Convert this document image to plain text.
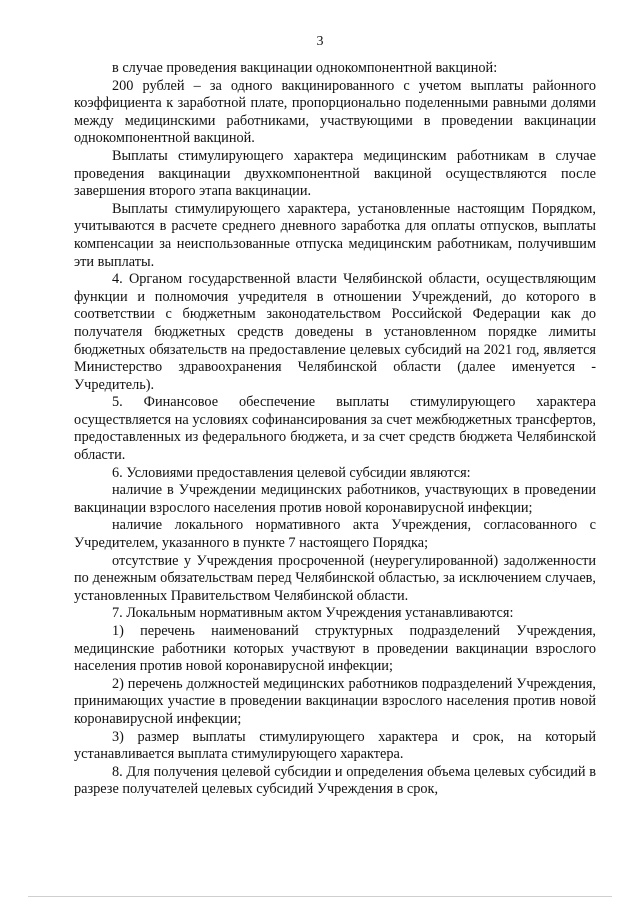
3

в случае проведения вакцинации однокомпонентной вакциной:

200 рублей – за одного вакцинированного с учетом выплаты районного коэффициента к заработной плате, пропорционально поделенными равными долями между медицинскими работниками, участвующими в проведении вакцинации однокомпонентной вакциной.

Выплаты стимулирующего характера медицинским работникам в случае проведения вакцинации двухкомпонентной вакциной осуществляются после завершения второго этапа вакцинации.

Выплаты стимулирующего характера, установленные настоящим Порядком, учитываются в расчете среднего дневного заработка для оплаты отпусков, выплаты компенсации за неиспользованные отпуска медицинским работникам, получившим эти выплаты.

4. Органом государственной власти Челябинской области, осуществляющим функции и полномочия учредителя в отношении Учреждений, до которого в соответствии с бюджетным законодательством Российской Федерации как до получателя бюджетных средств доведены в установленном порядке лимиты бюджетных обязательств на предоставление целевых субсидий на 2021 год, является Министерство здравоохранения Челябинской области (далее именуется - Учредитель).

5. Финансовое обеспечение выплаты стимулирующего характера осуществляется на условиях софинансирования за счет межбюджетных трансфертов, предоставленных из федерального бюджета, и за счет средств бюджета Челябинской области.

6. Условиями предоставления целевой субсидии являются:

наличие в Учреждении медицинских работников, участвующих в проведении вакцинации взрослого населения против новой коронавирусной инфекции;

наличие локального нормативного акта Учреждения, согласованного с Учредителем, указанного в пункте 7 настоящего Порядка;

отсутствие у Учреждения просроченной (неурегулированной) задолженности по денежным обязательствам перед Челябинской областью, за исключением случаев, установленных Правительством Челябинской области.

7. Локальным нормативным актом Учреждения устанавливаются:

1) перечень наименований структурных подразделений Учреждения, медицинские работники которых участвуют в проведении вакцинации взрослого населения против новой коронавирусной инфекции;

2) перечень должностей медицинских работников подразделений Учреждения, принимающих участие в проведении вакцинации взрослого населения против новой коронавирусной инфекции;

3) размер выплаты стимулирующего характера и срок, на который устанавливается выплата стимулирующего характера.

8. Для получения целевой субсидии и определения объема целевых субсидий в разрезе получателей целевых субсидий Учреждения в срок,
